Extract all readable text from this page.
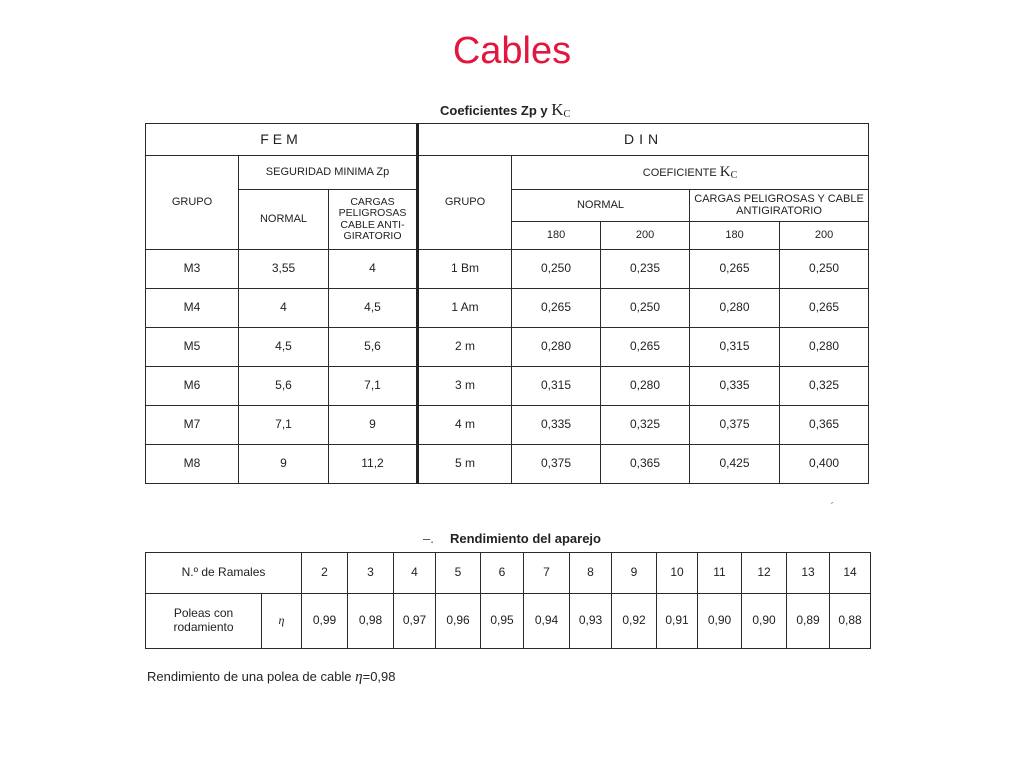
Cables
Coeficientes Zp y $K_C$
FEM			DIN				
GRUPO	SEGURIDAD MINIMA Zp		GRUPO	COEFICIENTE $K_C$
	NORMAL	CARGAS PELIGROSAS CABLE ANTI-GIRATORIO		NORMAL		CARGAS PELIGROSAS Y CABLE ANTIGIRATORIO	
				180	200	180	200
M3	3,55	4	1 Bm	0,250	0,235	0,265	0,250
M4	4	4,5	1 Am	0,265	0,250	0,280	0,265
M5	4,5	5,6	2 m	0,280	0,265	0,315	0,280
M6	5,6	7,1	3 m	0,315	0,280	0,335	0,325
M7	7,1	9	4 m	0,335	0,325	0,375	0,365
M8	9	11,2	5 m	0,375	0,365	0,425	0,400
ˊ
–. Rendimiento del aparejo
N.º de Ramales		2	3	4	5	6	7	8	9	10	11	12	13	14
Poleas con rodamiento	η	0,99	0,98	0,97	0,96	0,95	0,94	0,93	0,92	0,91	0,90	0,90	0,89	0,88
Rendimiento de una polea de cable η=0,98
